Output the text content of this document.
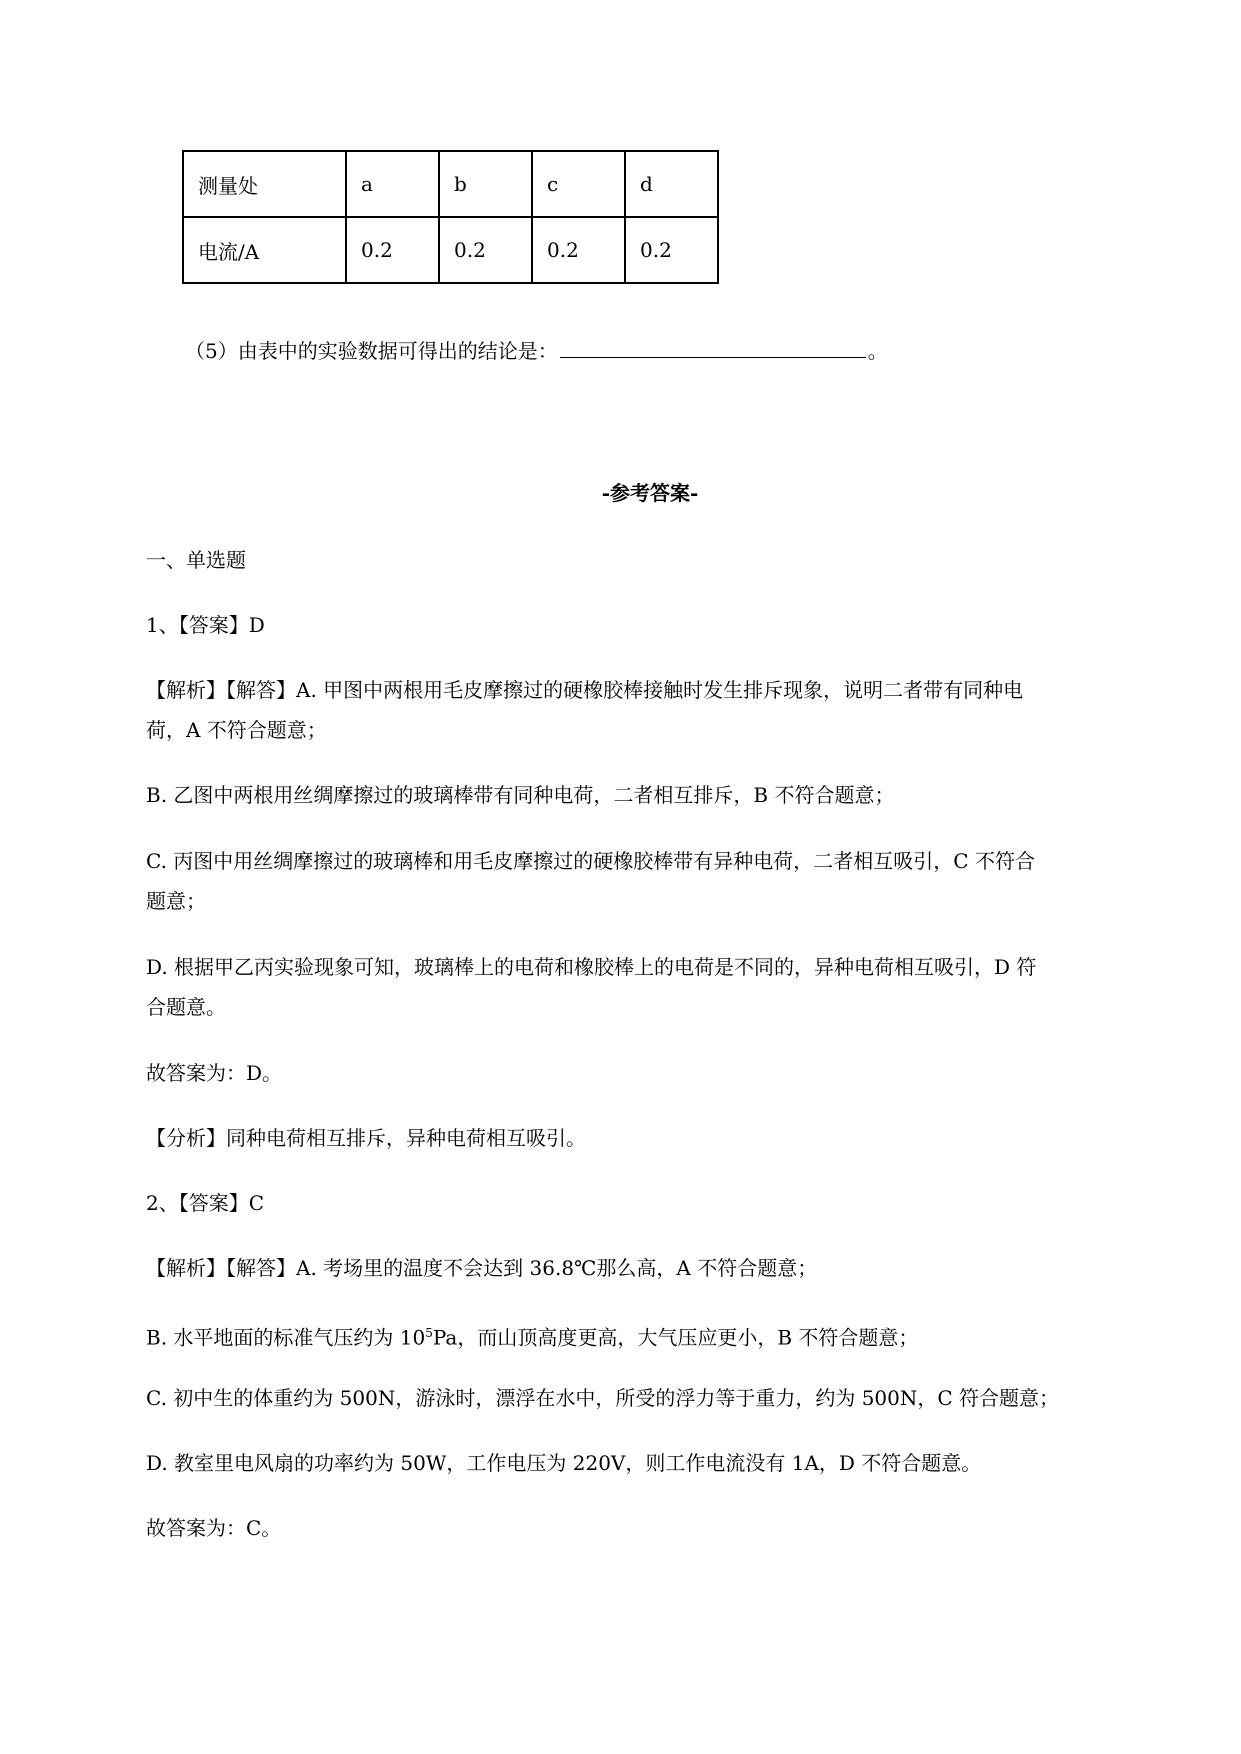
测量处	a	b	c	d
电流/A	0.2	0.2	0.2	0.2
（5）由表中的实验数据可得出的结论是：	。
-参考答案-
一、单选题
1、【答案】D
【解析】【解答】A. 甲图中两根用毛皮摩擦过的硬橡胶棒接触时发生排斥现象，说明二者带有同种电
荷，A 不符合题意；
B. 乙图中两根用丝绸摩擦过的玻璃棒带有同种电荷，二者相互排斥，B 不符合题意；
C. 丙图中用丝绸摩擦过的玻璃棒和用毛皮摩擦过的硬橡胶棒带有异种电荷，二者相互吸引，C 不符合
题意；
D. 根据甲乙丙实验现象可知，玻璃棒上的电荷和橡胶棒上的电荷是不同的，异种电荷相互吸引，D 符
合题意。
故答案为：D。
【分析】同种电荷相互排斥，异种电荷相互吸引。
2、【答案】C
【解析】【解答】A. 考场里的温度不会达到 36.8℃那么高，A 不符合题意；
B. 水平地面的标准气压约为 $10^5Pa$，而山顶高度更高，大气压应更小，B 不符合题意；
C. 初中生的体重约为 500N，游泳时，漂浮在水中，所受的浮力等于重力，约为 500N，C 符合题意；
D. 教室里电风扇的功率约为 50W，工作电压为 220V，则工作电流没有 1A，D 不符合题意。
故答案为：C。
